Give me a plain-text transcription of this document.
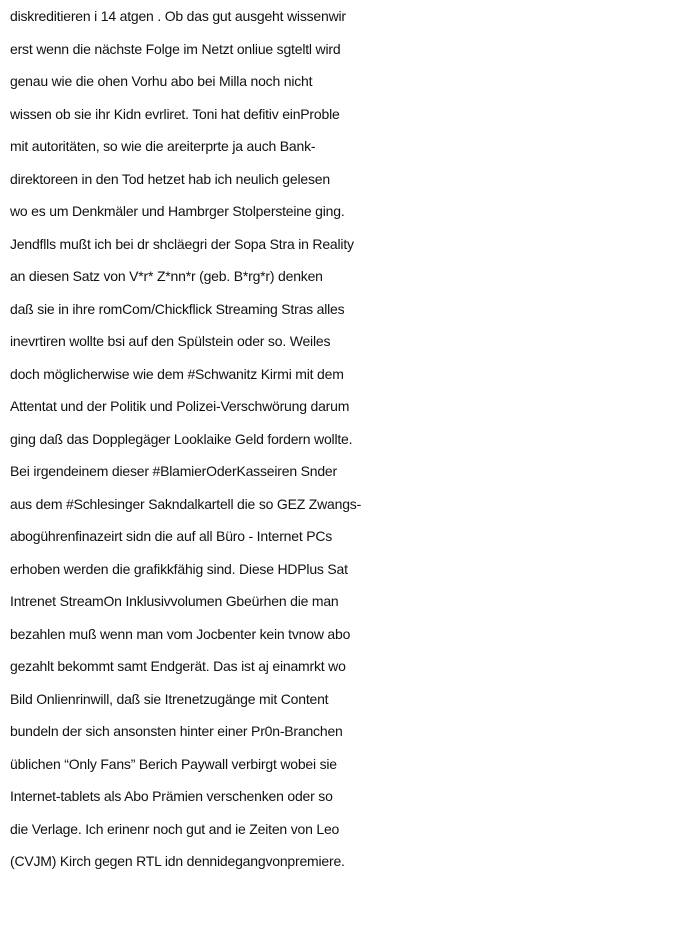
diskreditieren i 14 atgen . Ob das gut ausgeht wissenwir
erst wenn die nächste Folge im Netzt onliue sgteltl wird
genau wie die ohen Vorhu abo bei Milla noch nicht
wissen ob sie ihr Kidn evrliret. Toni hat defitiv einProble
mit autoritäten, so wie die areiterprte ja auch Bank-
direktoreen in den Tod hetzet hab ich neulich gelesen
wo es um Denkmäler und Hambrger Stolpersteine ging.
Jendflls mußt ich bei dr shcläegri der Sopa Stra in Reality
an diesen Satz von V*r* Z*nn*r (geb. B*rg*r) denken
daß sie in ihre romCom/Chickflick Streaming Stras alles
inevrtiren wollte bsi auf den Spülstein oder so. Weiles
doch möglicherwise wie dem #Schwanitz Kirmi mit dem
Attentat und der Politik und Polizei-Verschwörung darum
ging daß das Dopplegäger Looklaike Geld fordern wollte.
Bei irgendeinem dieser #BlamierOderKasseiren Snder
aus dem #Schlesinger Sakndalkartell die so GEZ Zwangs-
abogührenfinazeirt sidn die auf all Büro - Internet PCs
erhoben werden die grafikkfähig sind. Diese HDPlus Sat
Intrenet StreamOn Inklusivvolumen Gbeürhen die man
bezahlen muß wenn man vom Jocbenter kein tvnow abo
gezahlt bekommt samt Endgerät. Das ist aj einamrkt wo
Bild Onlienrinwill, daß sie Itrenetzugänge mit Content
bundeln der sich ansonsten hinter einer Pr0n-Branchen
üblichen “Only Fans” Berich Paywall verbirgt wobei sie
Internet-tablets als Abo Prämien verschenken oder so
die Verlage. Ich erinenr noch gut and ie Zeiten von Leo
(CVJM) Kirch gegen RTL idn dennidegangvonpremiere.
